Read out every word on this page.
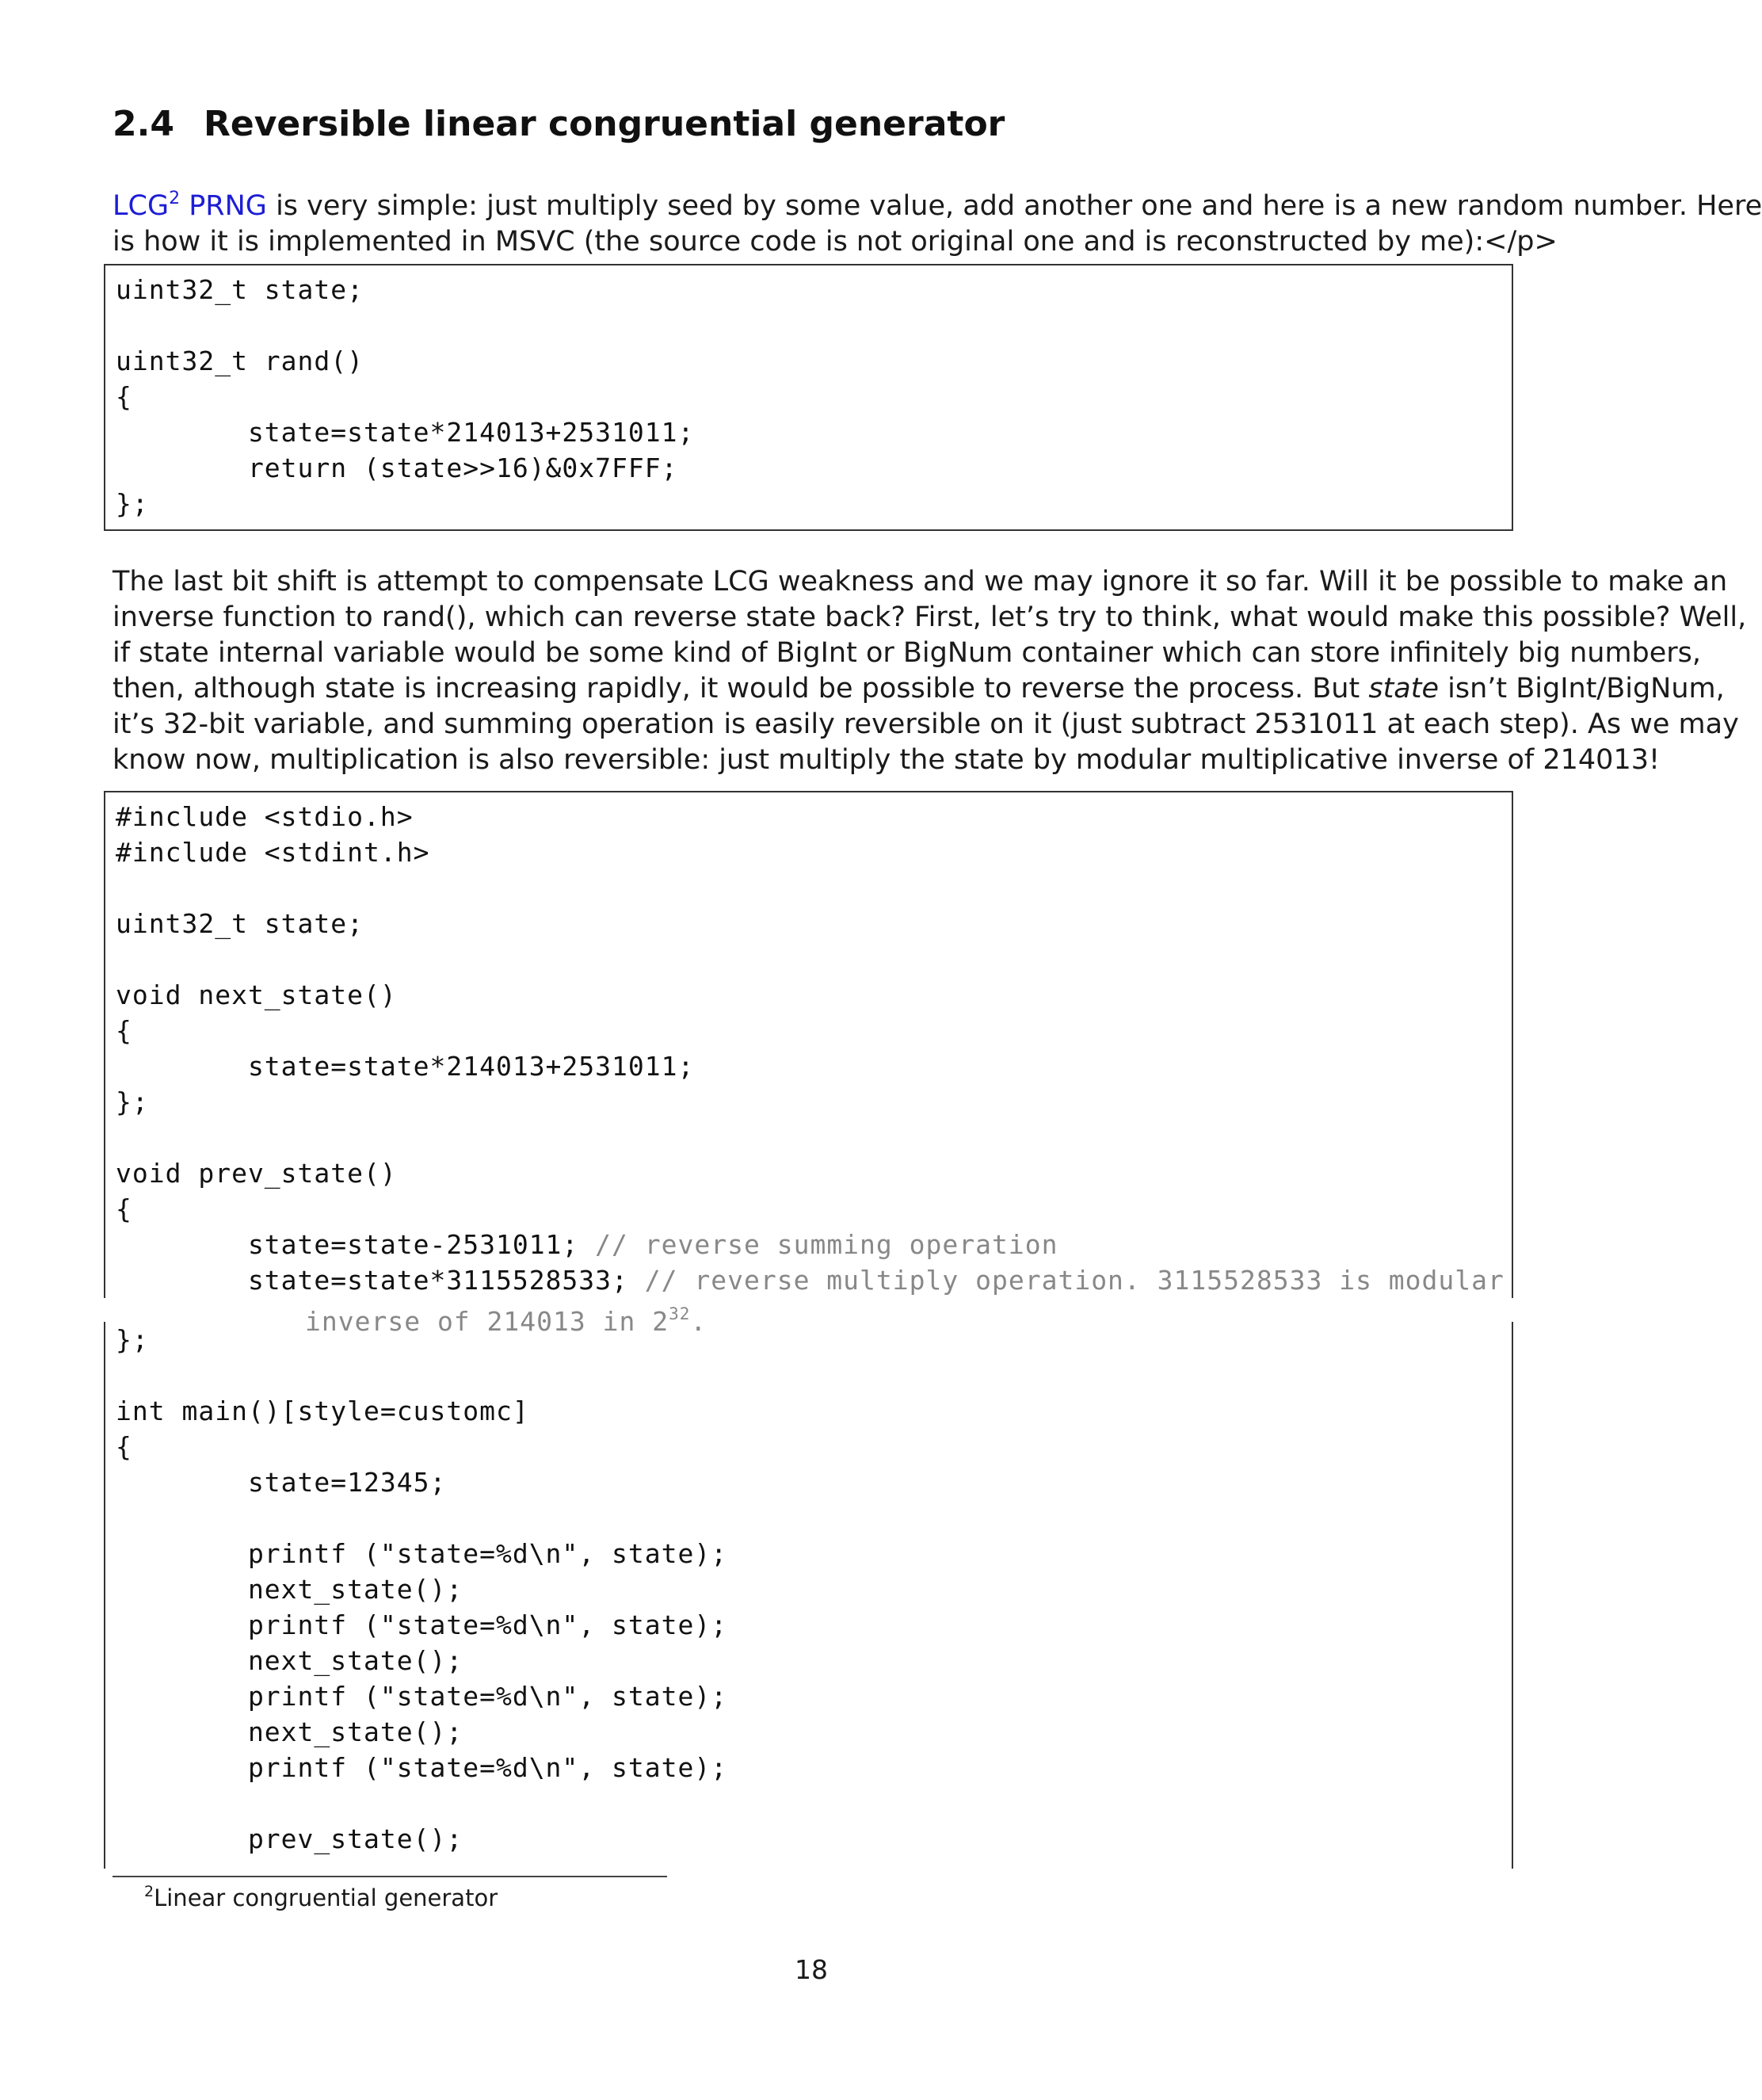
2.4 Reversible linear congruential generator

LCG$^2$ PRNG is very simple: just multiply seed by some value, add another one and here is a new random number. Here
is how it is implemented in MSVC (the source code is not original one and is reconstructed by me):</p>

uint32_t state;
uint32_t rand()
{
state=state*214013+2531011;
return (state>>16)&0x7FFF;
};

The last bit shift is attempt to compensate LCG weakness and we may ignore it so far. Will it be possible to make an
inverse function to rand(), which can reverse state back? First, let’s try to think, what would make this possible? Well,
if state internal variable would be some kind of BigInt or BigNum container which can store infinitely big numbers,
then, although state is increasing rapidly, it would be possible to reverse the process. But state isn’t BigInt/BigNum,
it’s 32-bit variable, and summing operation is easily reversible on it (just subtract 2531011 at each step). As we may
know now, multiplication is also reversible: just multiply the state by modular multiplicative inverse of 214013!

#include <stdio.h>
#include <stdint.h>
uint32_t state;
void next_state()
{
state=state*214013+2531011;
};
void prev_state()
{
state=state-2531011; // reverse summing operation
state=state*3115528533; // reverse multiply operation. 3115528533 is modular
inverse of 214013 in $2^{32}$.
};
int main()[style=customc]
{
state=12345;
printf ("state=%d\n", state);
next_state();
printf ("state=%d\n", state);
next_state();
printf ("state=%d\n", state);
next_state();
printf ("state=%d\n", state);
prev_state();
$^2$Linear congruential generator
18
